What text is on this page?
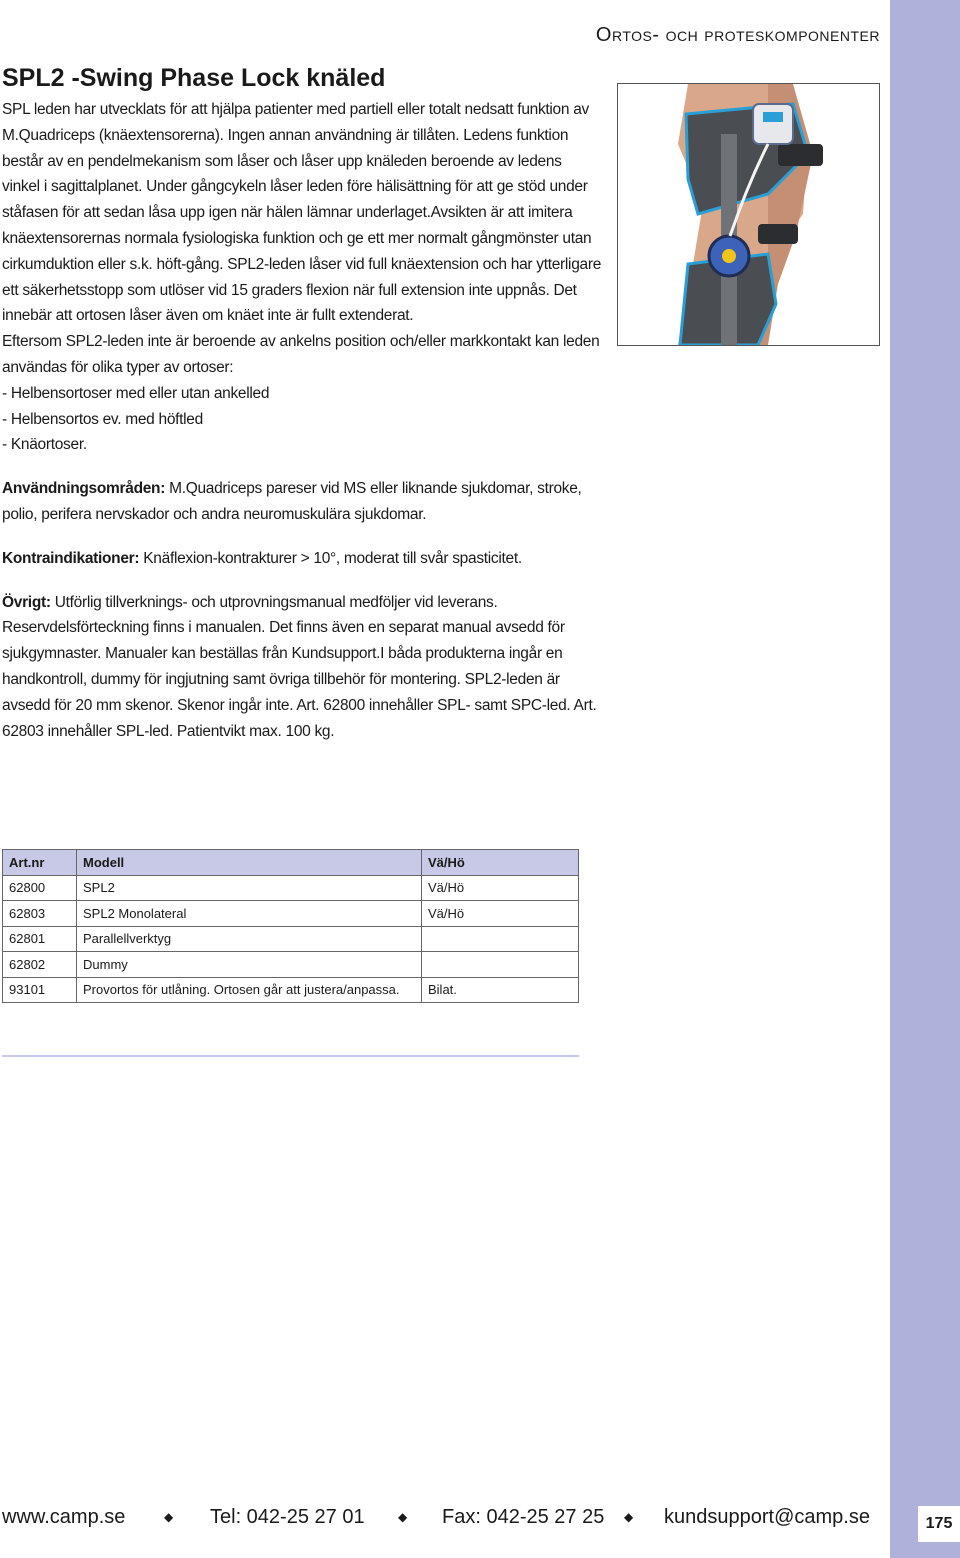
175
Ortos- och proteskomponenter
SPL2 -Swing Phase Lock knäled

SPL leden har utvecklats för att hjälpa patienter med partiell eller totalt nedsatt funktion av M.Quadriceps (knäextensorerna). Ingen annan användning är tillåten. Ledens funktion består av en pendelmekanism som låser och låser upp knäleden beroende av ledens vinkel i sagittalplanet. Under gångcykeln låser leden före hälisättning för att ge stöd under ståfasen för att sedan låsa upp igen när hälen lämnar underlaget.Avsikten är att imitera knäextensorernas normala fysiologiska funktion och ge ett mer normalt gångmönster utan cirkumduktion eller s.k. höft-gång. SPL2-leden låser vid full knäextension och har ytterligare ett säkerhetsstopp som utlöser vid 15 graders flexion när full extension inte uppnås. Det innebär att ortosen låser även om knäet inte är fullt extenderat.

Eftersom SPL2-leden inte är beroende av ankelns position och/eller markkontakt kan leden användas för olika typer av ortoser:

- Helbensortoser med eller utan ankelled

- Helbensortos ev. med höftled

- Knäortoser.

Användningsområden: M.Quadriceps pareser vid MS eller liknande sjukdomar, stroke, polio, perifera nervskador och andra neuromuskulära sjukdomar.

Kontraindikationer: Knäflexion-kontrakturer > 10°, moderat till svår spasticitet.

Övrigt: Utförlig tillverknings- och utprovningsmanual medföljer vid leverans. Reservdelsförteckning finns i manualen. Det finns även en separat manual avsedd för sjukgymnaster. Manualer kan beställas från Kundsupport.I båda produkterna ingår en handkontroll, dummy för ingjutning samt övriga tillbehör för montering. SPL2-leden är avsedd för 20 mm skenor. Skenor ingår inte. Art. 62800 innehåller SPL- samt SPC-led. Art. 62803 innehåller SPL-led. Patientvikt max. 100 kg.

Art.nr	Modell	Vä/Hö
62800	SPL2	Vä/Hö
62803	SPL2 Monolateral	Vä/Hö
62801	Parallellverktyg	
62802	Dummy	
93101	Provortos för utlåning. Ortosen går att justera/anpassa.	Bilat.
www.camp.se	◆ Tel: 042-25 27 01	◆ Fax: 042-25 27 25 ◆ kundsupport@camp.se
